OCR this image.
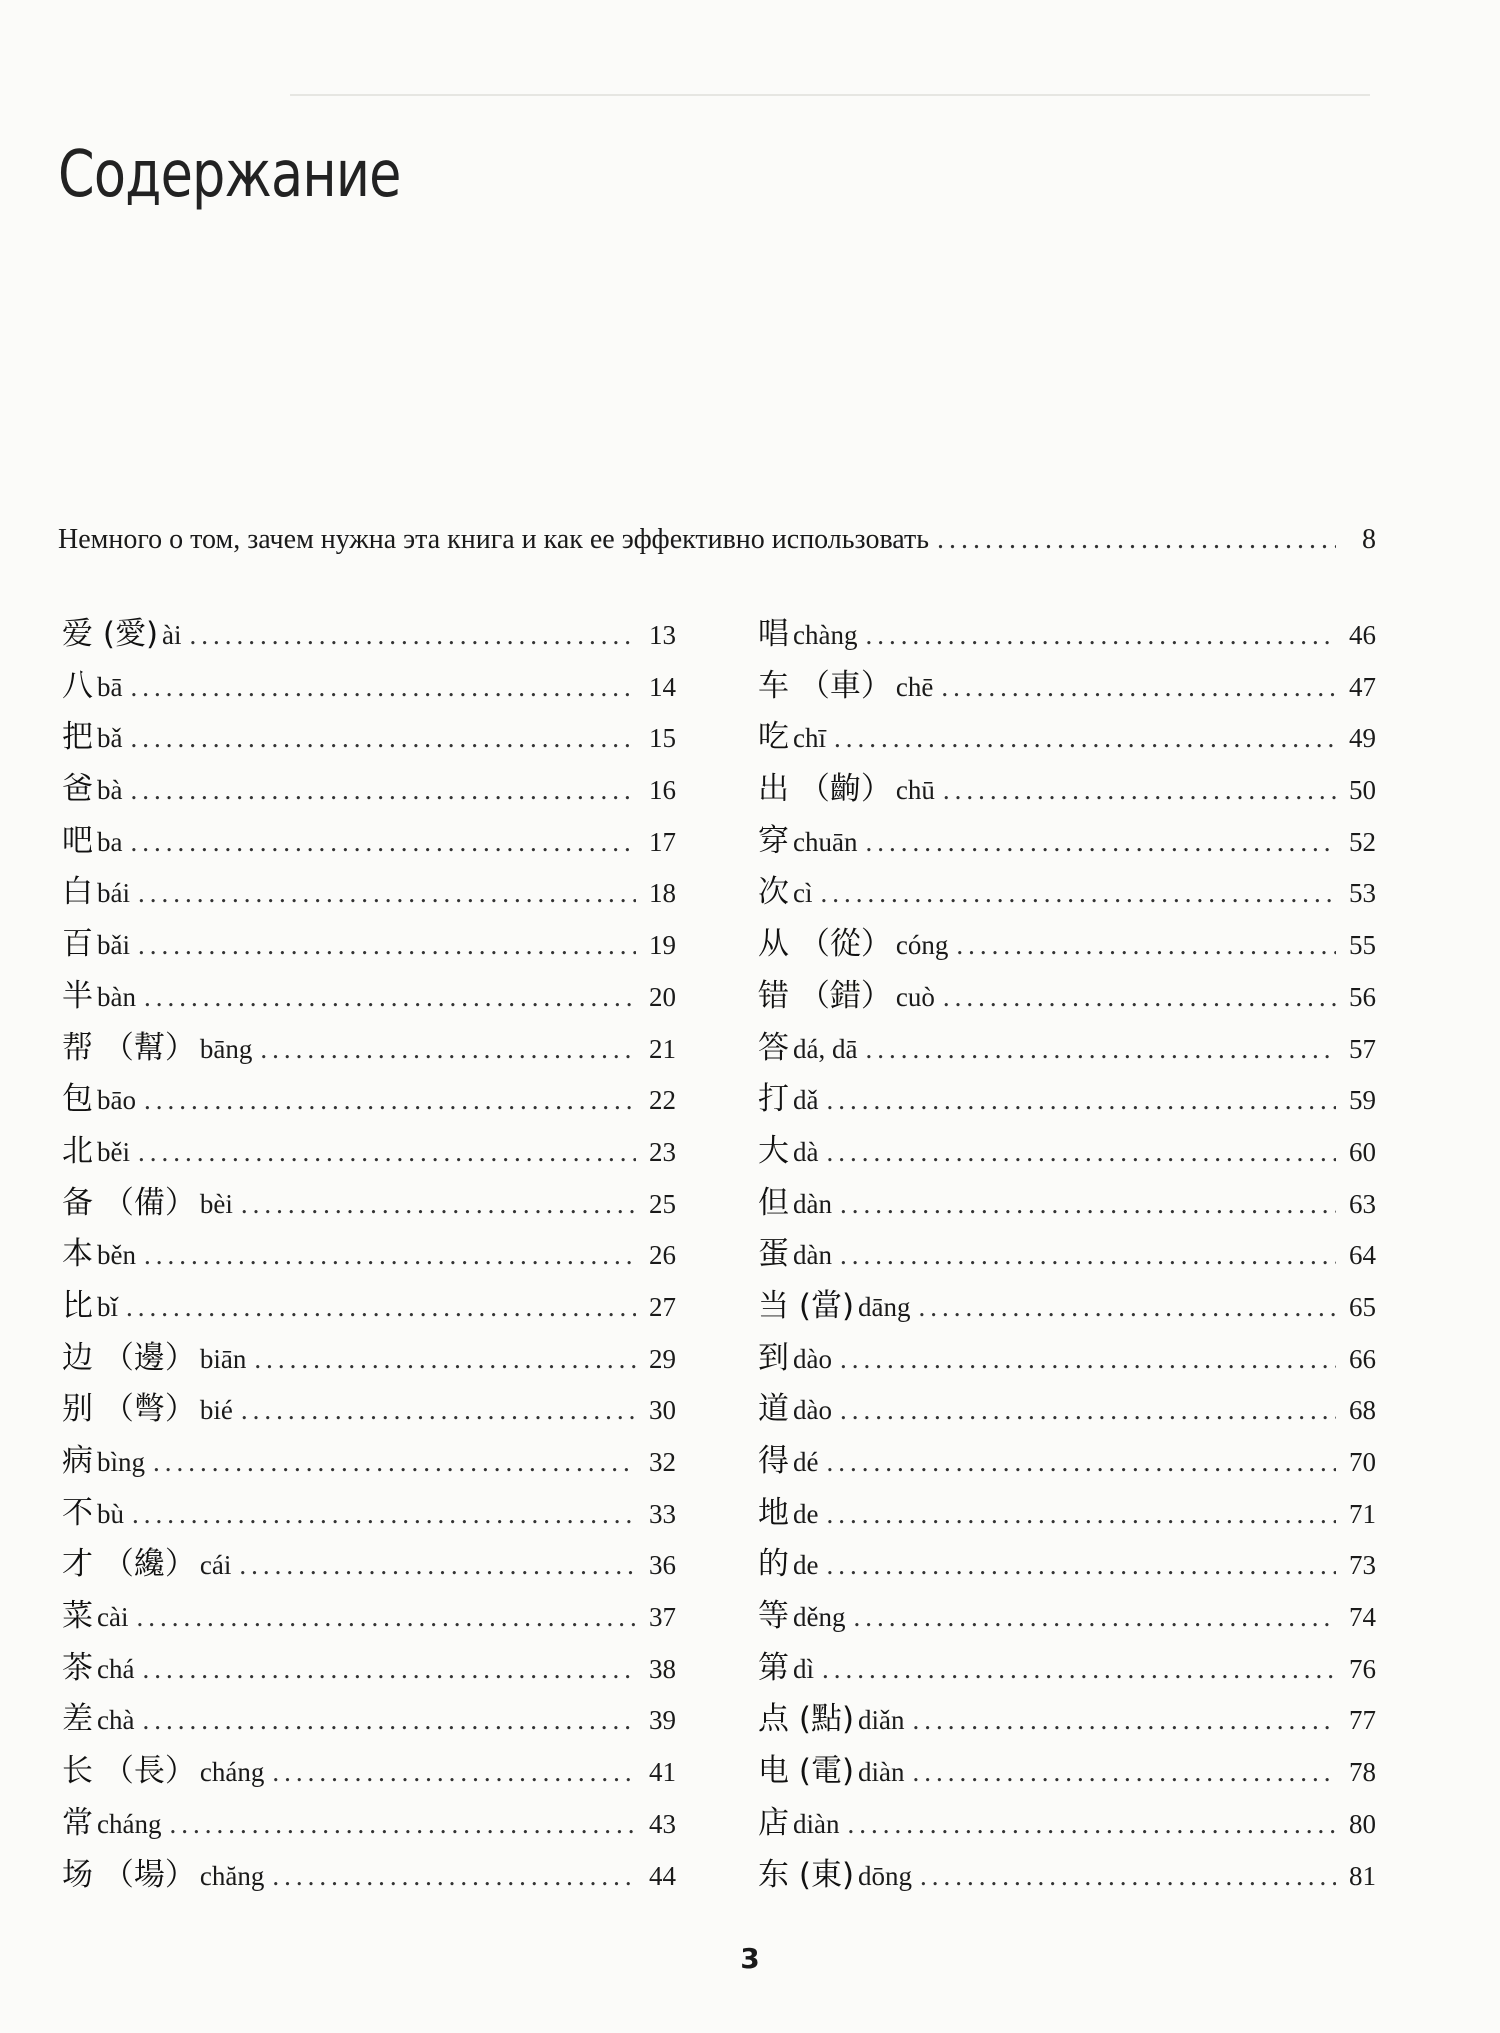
Содержание
Немного о том, зачем нужна эта книга и как ее эффективно использовать .....	8
爱 (愛) ài .....	13
八 bā .....	14
把 bǎ .....	15
爸 bà .....	16
吧 ba .....	17
白 bái .....	18
百 bǎi .....	19
半 bàn .....	20
帮 （幫） bāng .....	21
包 bāo .....	22
北 běi .....	23
备 （備） bèi .....	25
本 běn .....	26
比 bǐ .....	27
边 （邊） biān .....	29
别 （彆） bié .....	30
病 bìng .....	32
不 bù .....	33
才 （纔） cái .....	36
菜 cài .....	37
茶 chá .....	38
差 chà .....	39
长 （長） cháng .....	41
常 cháng .....	43
场 （場） chăng .....	44
唱 chàng .....	46
车 （車） chē .....	47
吃 chī .....	49
出 （齣） chū .....	50
穿 chuān .....	52
次 cì .....	53
从 （從） cóng .....	55
错 （錯） cuò .....	56
答 dá, dā .....	57
打 dǎ .....	59
大 dà .....	60
但 dàn .....	63
蛋 dàn .....	64
当 (當) dāng .....	65
到 dào .....	66
道 dào .....	68
得 dé .....	70
地 de .....	71
的 de .....	73
等 děng .....	74
第 dì .....	76
点 (點) diǎn .....	77
电 (電) diàn .....	78
店 diàn .....	80
东 (東) dōng .....	81
3
